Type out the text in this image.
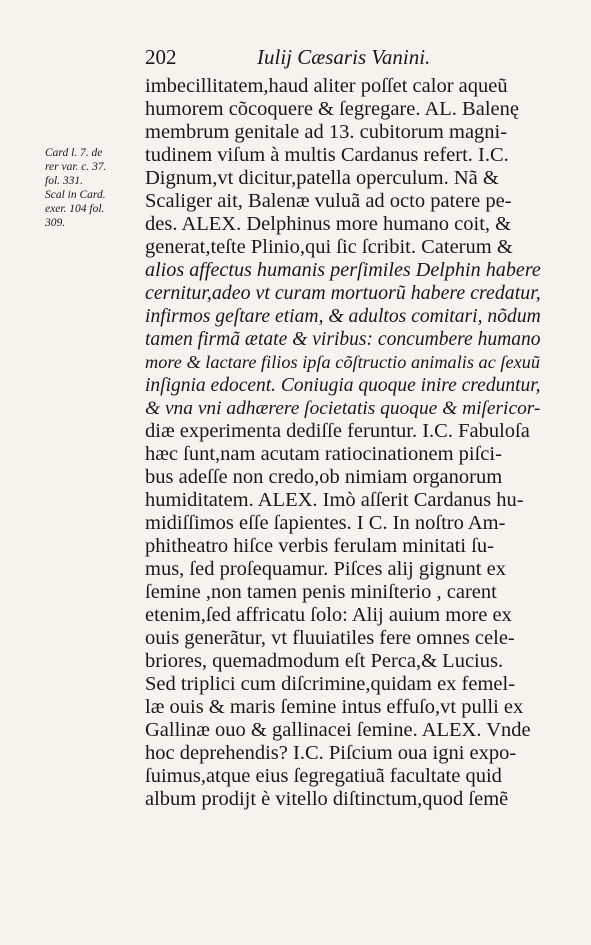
202	Iulij Cæsaris Vanini.
Card l. 7. de
rer var. c. 37.
fol. 331.
Scal in Card.
exer. 104 fol.
309.
imbecillitatem,haud aliter poſſet calor aqueũ
humorem cõcoquere & ſegregare. AL. Balenę
membrum genitale ad 13. cubitorum magni-
tudinem viſum à multis Cardanus refert. I.C.
Dignum,vt dicitur,patella operculum. Nã &
Scaliger ait, Balenæ vuluã ad octo patere pe-
des. ALEX. Delphinus more humano coit, &
generat,teſte Plinio,qui ſic ſcribit. Caterum &
alios affectus humanis perſimiles Delphin habere
cernitur,adeo vt curam mortuorũ habere credatur,
infirmos geſtare etiam, & adultos comitari, nõdum
tamen firmã ætate & viribus: concumbere humano
more & lactare filios ipſa cõſtructio animalis ac ſexuũ
inſignia edocent. Coniugia quoque inire creduntur,
& vna vni adhærere ſocietatis quoque & miſericor-
diæ experimenta dediſſe feruntur. I.C. Fabuloſa
hæc ſunt,nam acutam ratiocinationem piſci-
bus adeſſe non credo,ob nimiam organorum
humiditatem. ALEX. Imò aſſerit Cardanus hu-
midiſſimos eſſe ſapientes. I C. In noſtro Am-
phitheatro hiſce verbis ferulam minitati ſu-
mus, ſed proſequamur. Piſces alij gignunt ex
ſemine ,non tamen penis miniſterio , carent
etenim,ſed affricatu ſolo: Alij auium more ex
ouis generãtur, vt fluuiatiles fere omnes cele-
briores, quemadmodum eſt Perca,& Lucius.
Sed triplici cum diſcrimine,quidam ex femel-
læ ouis & maris ſemine intus effuſo,vt pulli ex
Gallinæ ouo & gallinacei ſemine. ALEX. Vnde
hoc deprehendis? I.C. Piſcium oua igni expo-
ſuimus,atque eius ſegregatiuã facultate quid
album prodijt è vitello diſtinctum,quod ſemẽ
